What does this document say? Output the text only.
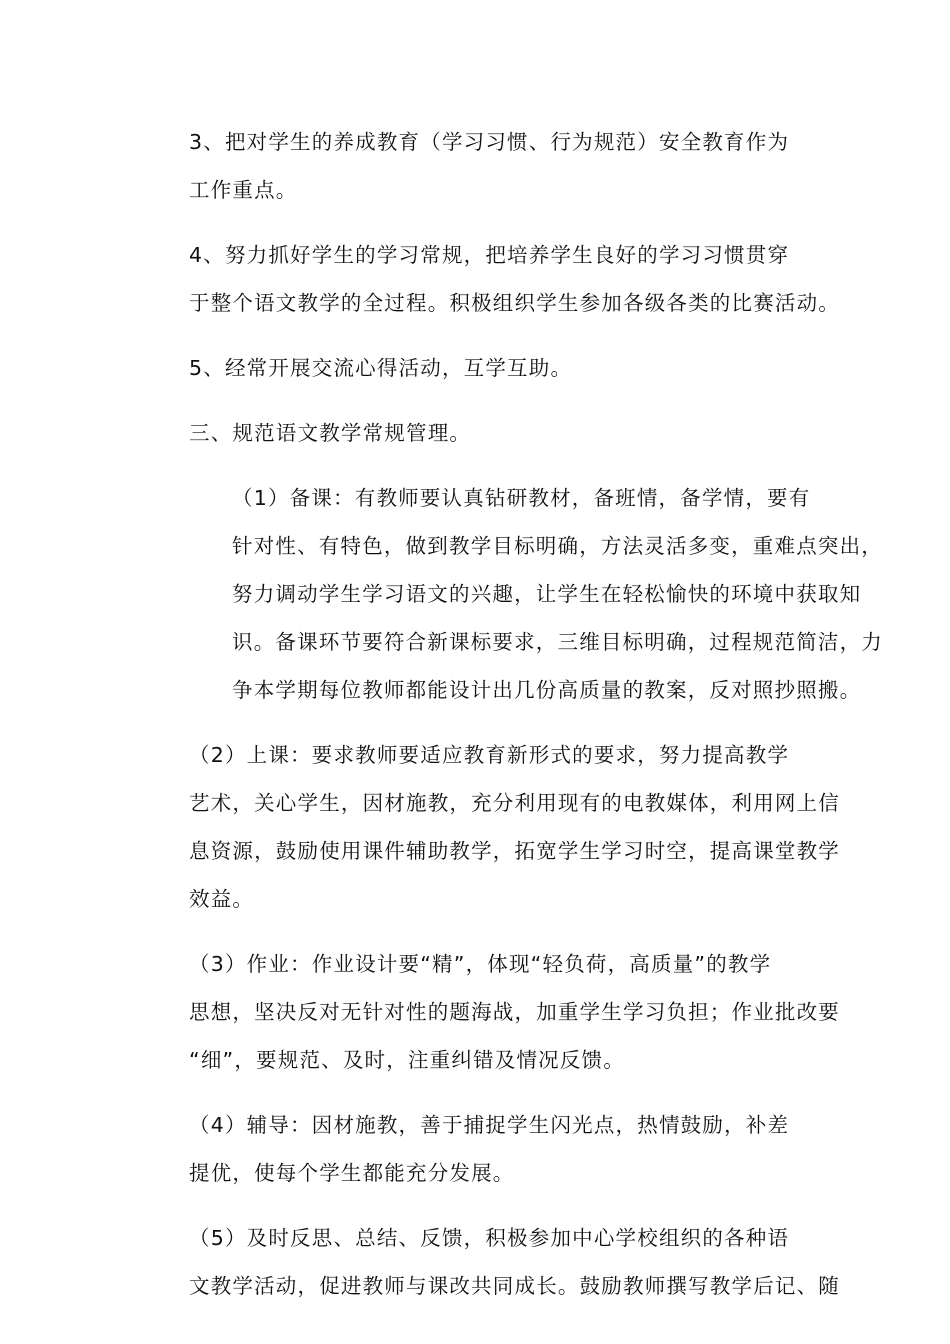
3、把对学生的养成教育（学习习惯、行为规范）安全教育作为
工作重点。

4、努力抓好学生的学习常规，把培养学生良好的学习习惯贯穿
于整个语文教学的全过程。积极组织学生参加各级各类的比赛活动。

5、经常开展交流心得活动，互学互助。

三、规范语文教学常规管理。

（1）备课：有教师要认真钻研教材，备班情，备学情，要有
针对性、有特色，做到教学目标明确，方法灵活多变，重难点突出，
努力调动学生学习语文的兴趣，让学生在轻松愉快的环境中获取知
识。备课环节要符合新课标要求，三维目标明确，过程规范简洁，力
争本学期每位教师都能设计出几份高质量的教案，反对照抄照搬。

（2）上课：要求教师要适应教育新形式的要求，努力提高教学
艺术，关心学生，因材施教，充分利用现有的电教媒体，利用网上信
息资源，鼓励使用课件辅助教学，拓宽学生学习时空，提高课堂教学
效益。

（3）作业：作业设计要“精”，体现“轻负荷，高质量”的教学
思想，坚决反对无针对性的题海战，加重学生学习负担；作业批改要
“细”，要规范、及时，注重纠错及情况反馈。

（4）辅导：因材施教，善于捕捉学生闪光点，热情鼓励，补差
提优，使每个学生都能充分发展。

（5）及时反思、总结、反馈，积极参加中心学校组织的各种语
文教学活动，促进教师与课改共同成长。鼓励教师撰写教学后记、随
